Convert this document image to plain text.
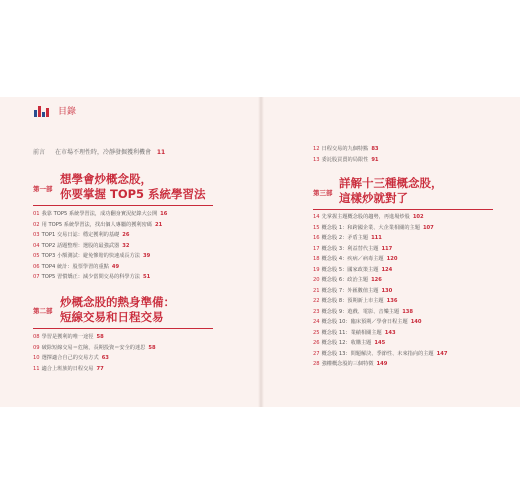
目錄
前言 在市場不理性時，冷靜發掘獲利機會 11
第一部
想學會炒概念股，
你要掌握 TOP5 系統學習法
01 我靠 TOP5 系統學習法，成功翻身實況紀錄大公開 16
02 用 TOP5 系統學習法，找出個人專屬的獲利密碼 21
03 TOP1 交易日誌：穩定獲利的基礎 26
04 TOP2 話題整理：選股的最強武器 32
05 TOP3 小額測試：避免慘賠的快速成長方法 39
06 TOP4 統計：股票學習的重點 49
07 TOP5 習慣矯正：減少當問交易的科學方法 51
第二部
炒概念股的熱身準備：
短線交易和日程交易
08 學習是獲利的唯一途徑 58
09 破除短線交易＝危險，長期投資＝安全的迷思 58
10 選擇適合自己的交易方式 63
11 適合上班族的日程交易 77
12 日程交易的九個特點 83
13 委託股買賣的局限性 91
第三部
詳解十三種概念股，
這樣炒就對了
14 先掌握主題概念股的趨勢，再進場炒股 102
15 概念股 1：和跨國企業、大企業相關的主題 107
16 概念股 2：矛盾主題 111
17 概念股 3：利益替代主題 117
18 概念股 4：疾病／病毒主題 120
19 概念股 5：國家政策主題 124
20 概念股 6：政治主題 126
21 概念股 7：外匯數值主題 130
22 概念股 8：預期新上市主題 136
23 概念股 9：遊戲、電影、音樂主題 138
24 概念股 10：臨床預期／學會日程主題 140
25 概念股 11：業績相關主題 143
26 概念股 12：收購主題 145
27 概念股 13：問題解決、季節性、未來指向的主題 147
28 強權概念股的三個特徵 149
